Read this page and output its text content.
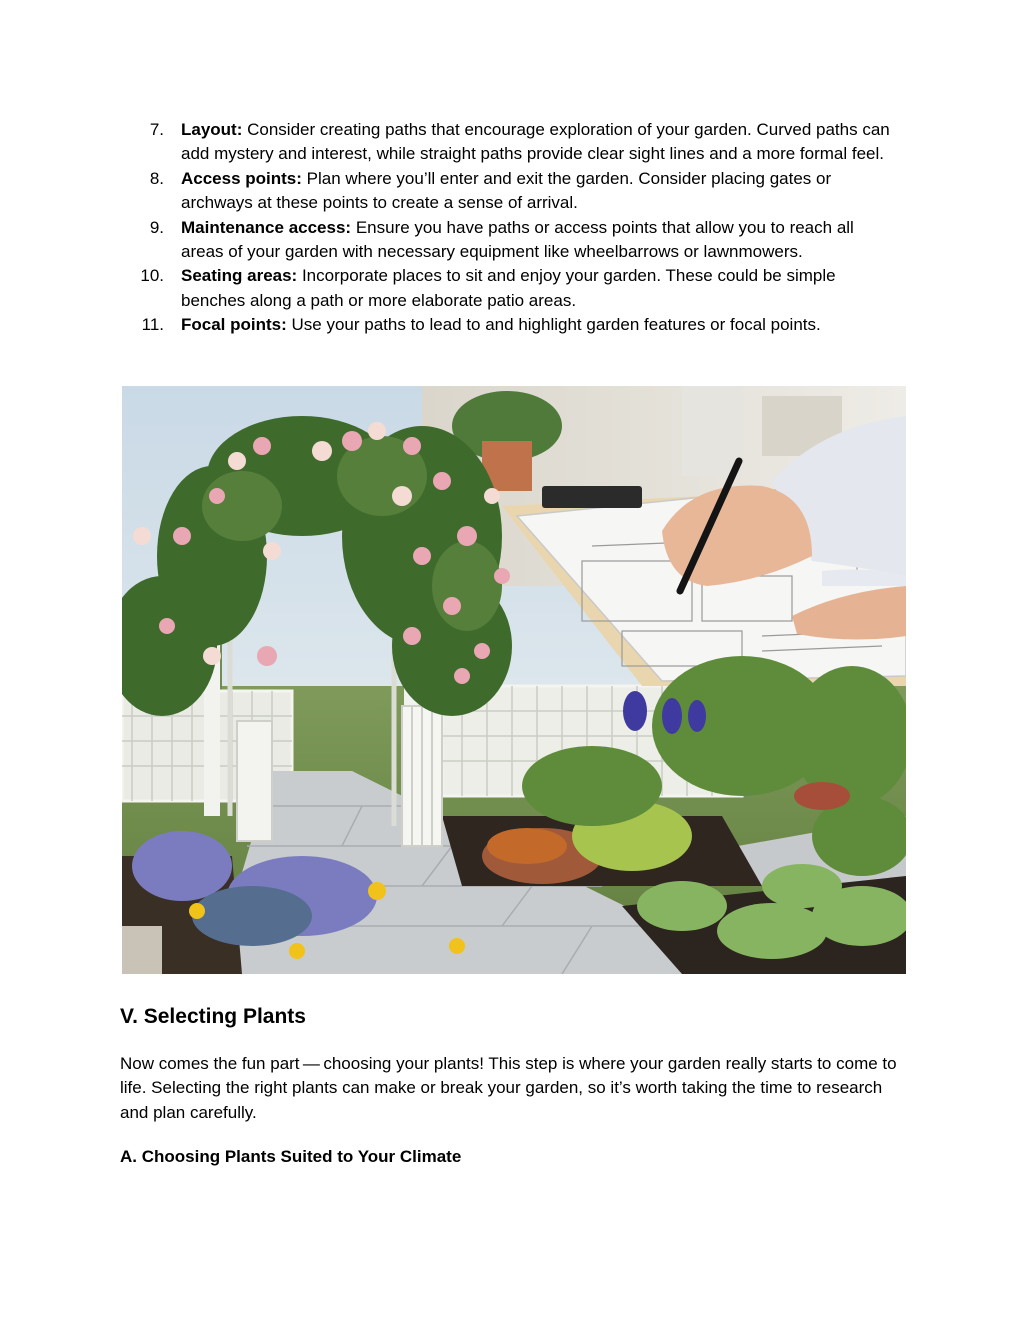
7. Layout: Consider creating paths that encourage exploration of your garden. Curved paths can add mystery and interest, while straight paths provide clear sight lines and a more formal feel.
8. Access points: Plan where you’ll enter and exit the garden. Consider placing gates or archways at these points to create a sense of arrival.
9. Maintenance access: Ensure you have paths or access points that allow you to reach all areas of your garden with necessary equipment like wheelbarrows or lawnmowers.
10. Seating areas: Incorporate places to sit and enjoy your garden. These could be simple benches along a path or more elaborate patio areas.
11. Focal points: Use your paths to lead to and highlight garden features or focal points.
V. Selecting Plants

Now comes the fun part — choosing your plants! This step is where your garden really starts to come to life. Selecting the right plants can make or break your garden, so it’s worth taking the time to research and plan carefully.

A. Choosing Plants Suited to Your Climate
